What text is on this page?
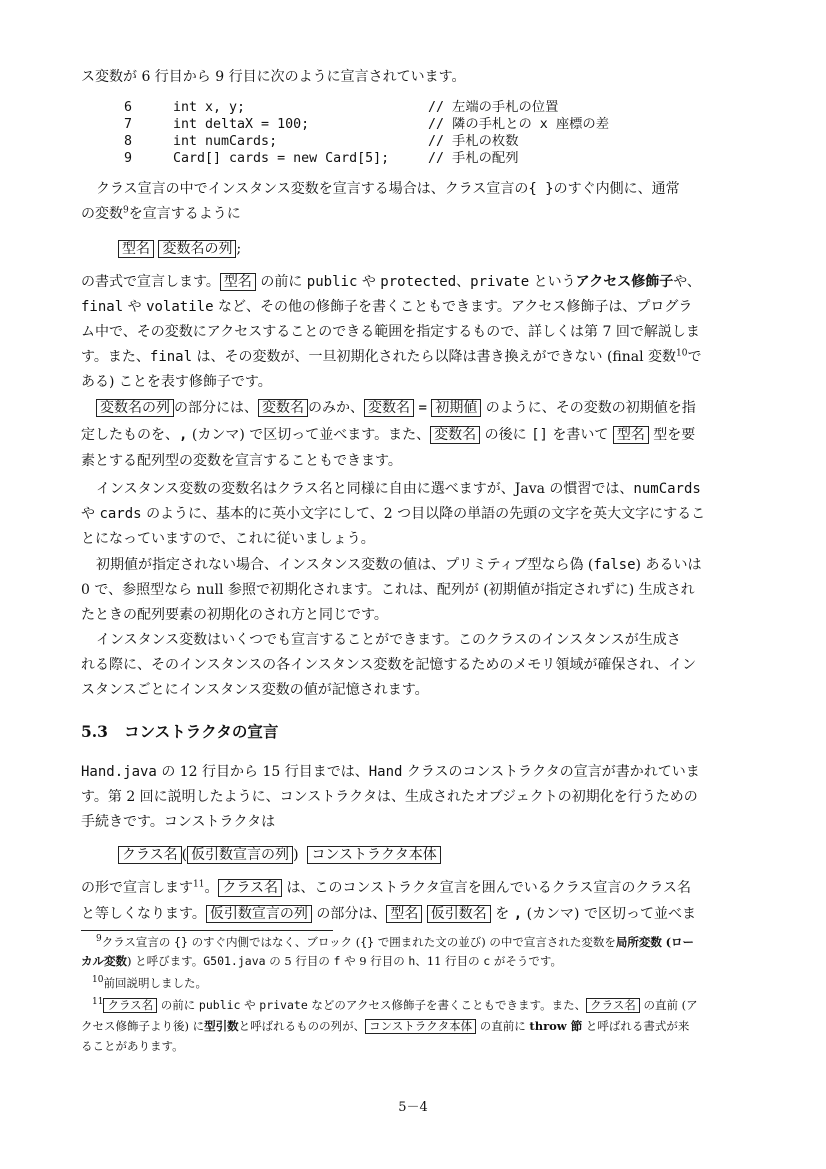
ス変数が 6 行目から 9 行目に次のように宣言されています。
6	int x, y;	// 左端の手札の位置
7	int deltaX = 100;	// 隣の手札との x 座標の差
8	int numCards;	// 手札の枚数
9	Card[] cards = new Card[5];	// 手札の配列
クラス宣言の中でインスタンス変数を宣言する場合は、クラス宣言の{ }のすぐ内側に、通常
の変数$^9$を宣言するように
型名 変数名の列 ;
の書式で宣言します。 型名 の前に public や protected、private というアクセス修飾子や、
final や volatile など、その他の修飾子を書くこともできます。アクセス修飾子は、プログラ
ム中で、その変数にアクセスすることのできる範囲を指定するもので、詳しくは第 7 回で解説しま
す。また、final は、その変数が、一旦初期化されたら以降は書き換えができない (final 変数$^{10}$で
ある) ことを表す修飾子です。
変数名の列 の部分には、 変数名 のみか、 変数名 = 初期値 のように、その変数の初期値を指
定したものを、, (カンマ) で区切って並べます。また、 変数名 の後に [] を書いて 型名 型を要
素とする配列型の変数を宣言することもできます。
インスタンス変数の変数名はクラス名と同様に自由に選べますが、Java の慣習では、numCards
や cards のように、基本的に英小文字にして、2 つ目以降の単語の先頭の文字を英大文字にするこ
とになっていますので、これに従いましょう。
初期値が指定されない場合、インスタンス変数の値は、プリミティブ型なら偽 (false) あるいは
0 で、参照型なら null 参照で初期化されます。これは、配列が (初期値が指定されずに) 生成され
たときの配列要素の初期化のされ方と同じです。
インスタンス変数はいくつでも宣言することができます。このクラスのインスタンスが生成さ
れる際に、そのインスタンスの各インスタンス変数を記憶するためのメモリ領域が確保され、イン
スタンスごとにインスタンス変数の値が記憶されます。
5.3 コンストラクタの宣言
Hand.java の 12 行目から 15 行目までは、Hand クラスのコンストラクタの宣言が書かれていま
す。第 2 回に説明したように、コンストラクタは、生成されたオブジェクトの初期化を行うための
手続きです。コンストラクタは
クラス名 ( 仮引数宣言の列 ) コンストラクタ本体
の形で宣言します$^{11}$。 クラス名 は、このコンストラクタ宣言を囲んでいるクラス宣言のクラス名
と等しくなります。 仮引数宣言の列 の部分は、 型名 仮引数名 を , (カンマ) で区切って並べま
$^9$クラス宣言の {} のすぐ内側ではなく、ブロック ({} で囲まれた文の並び) の中で宣言された変数を局所変数 (ロー
カル変数) と呼びます。G501.java の 5 行目の f や 9 行目の h、11 行目の c がそうです。
$^{10}$前回説明しました。
$^{11}$ クラス名 の前に public や private などのアクセス修飾子を書くこともできます。また、 クラス名 の直前 (ア
クセス修飾子より後) に型引数と呼ばれるものの列が、 コンストラクタ本体 の直前に throw 節 と呼ばれる書式が来
ることがあります。
5－4
